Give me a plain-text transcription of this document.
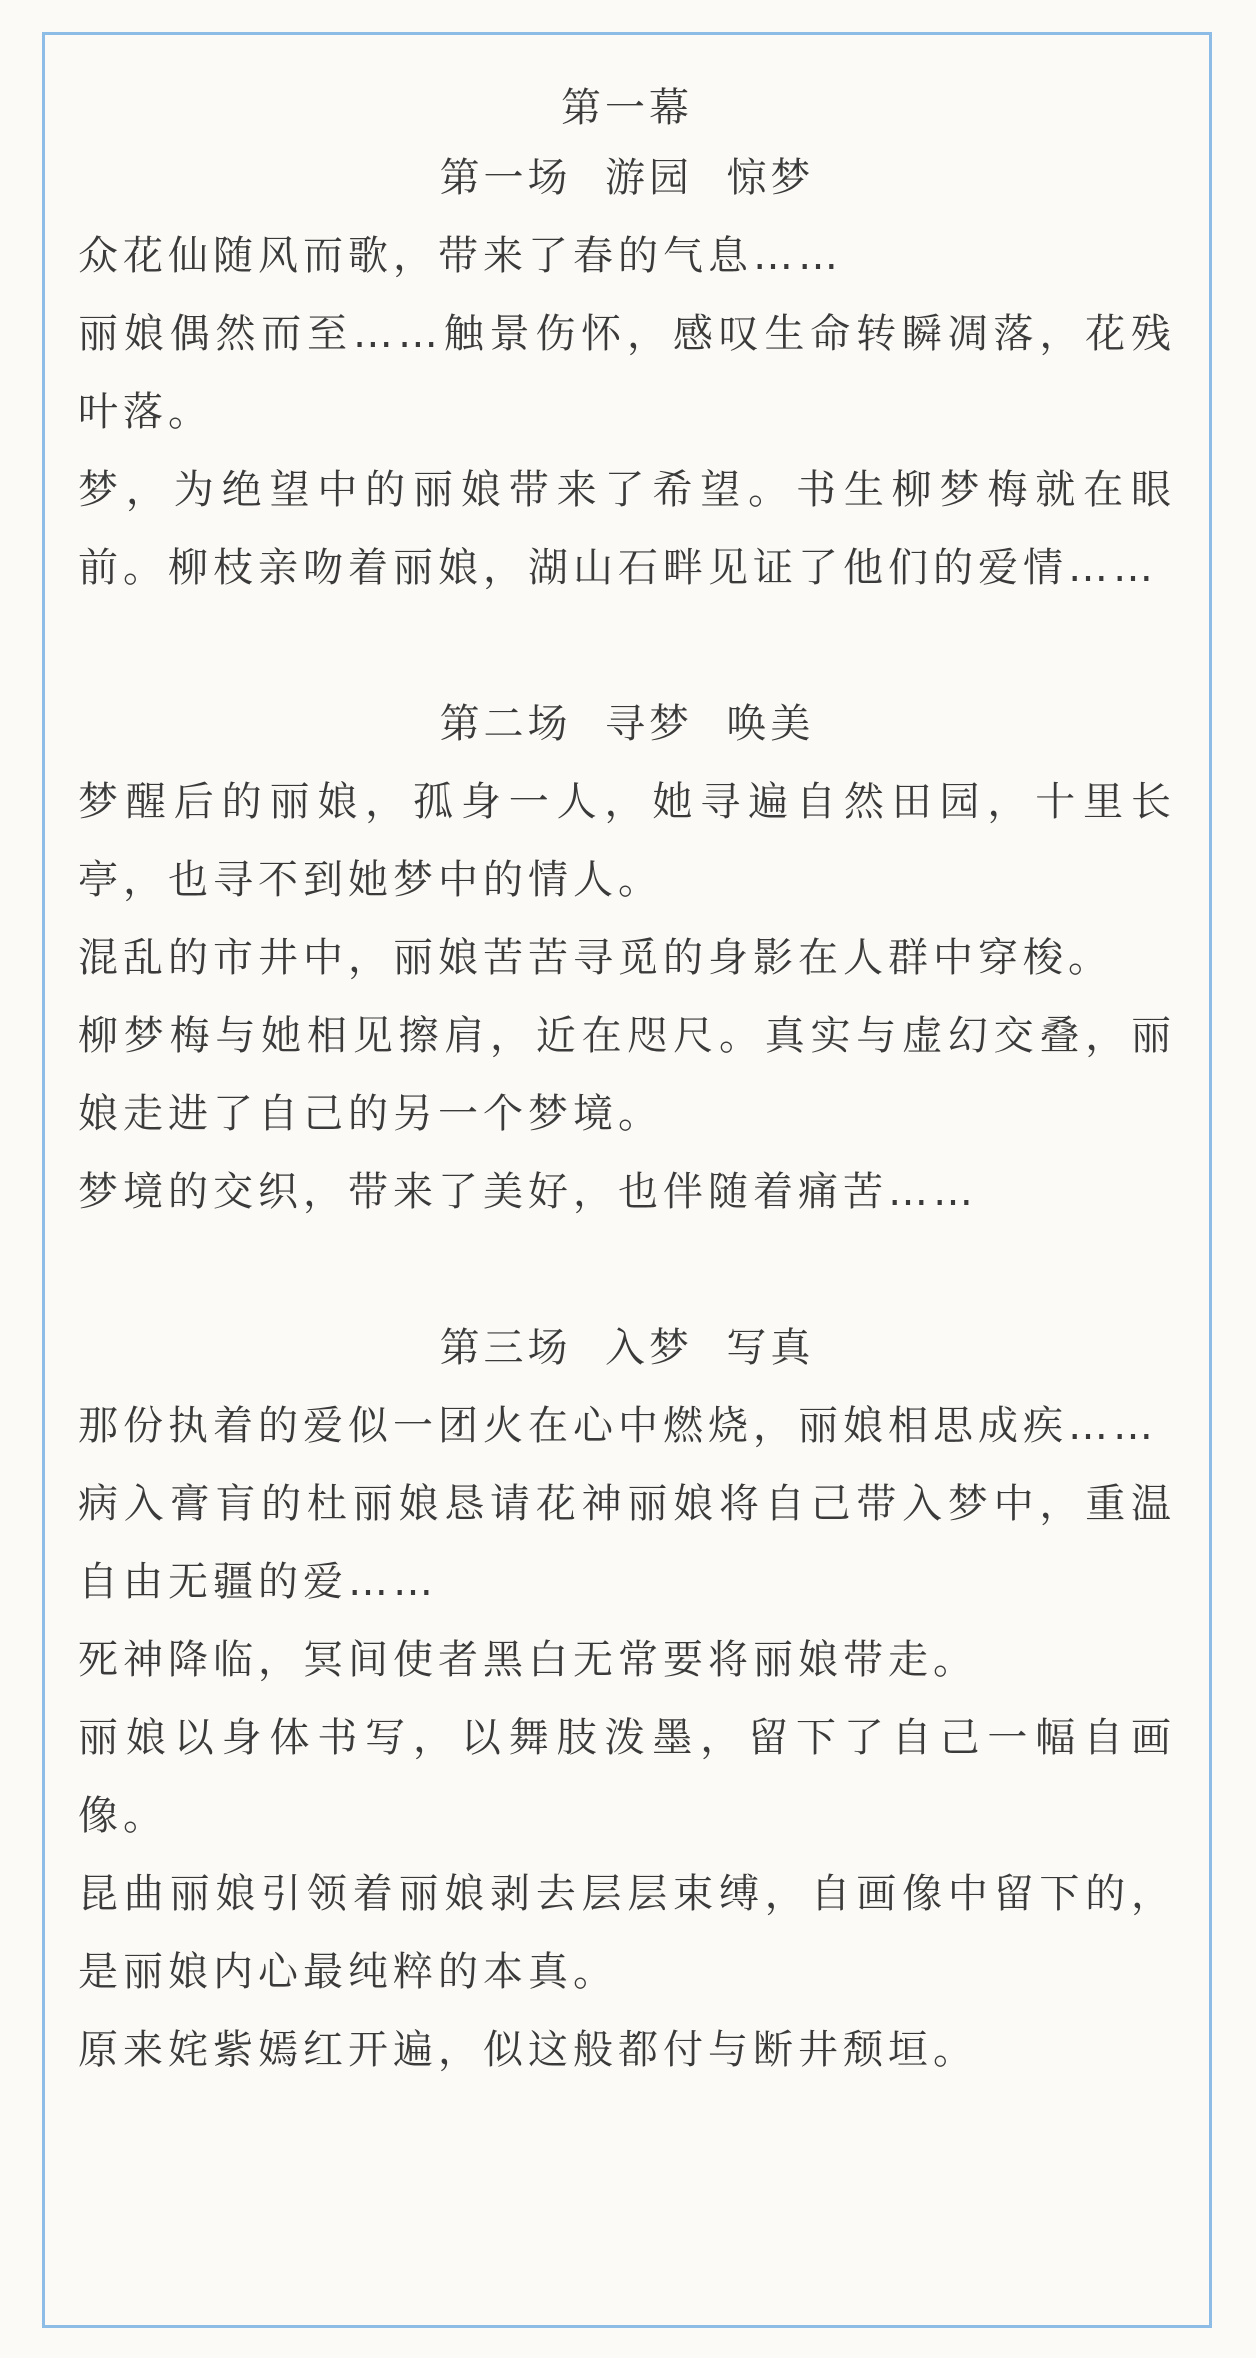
第一幕
第一场  游园  惊梦
众花仙随风而歌，带来了春的气息……
丽娘偶然而至……触景伤怀，感叹生命转瞬凋落，花残叶落。
梦，为绝望中的丽娘带来了希望。书生柳梦梅就在眼前。柳枝亲吻着丽娘，湖山石畔见证了他们的爱情……
第二场  寻梦  唤美
梦醒后的丽娘，孤身一人，她寻遍自然田园，十里长亭，也寻不到她梦中的情人。
混乱的市井中，丽娘苦苦寻觅的身影在人群中穿梭。
柳梦梅与她相见擦肩，近在咫尺。真实与虚幻交叠，丽娘走进了自己的另一个梦境。
梦境的交织，带来了美好，也伴随着痛苦……
第三场  入梦  写真
那份执着的爱似一团火在心中燃烧，丽娘相思成疾……
病入膏肓的杜丽娘恳请花神丽娘将自己带入梦中，重温自由无疆的爱……
死神降临，冥间使者黑白无常要将丽娘带走。
丽娘以身体书写，以舞肢泼墨，留下了自己一幅自画像。
昆曲丽娘引领着丽娘剥去层层束缚，自画像中留下的，是丽娘内心最纯粹的本真。
原来姹紫嫣红开遍，似这般都付与断井颓垣。
